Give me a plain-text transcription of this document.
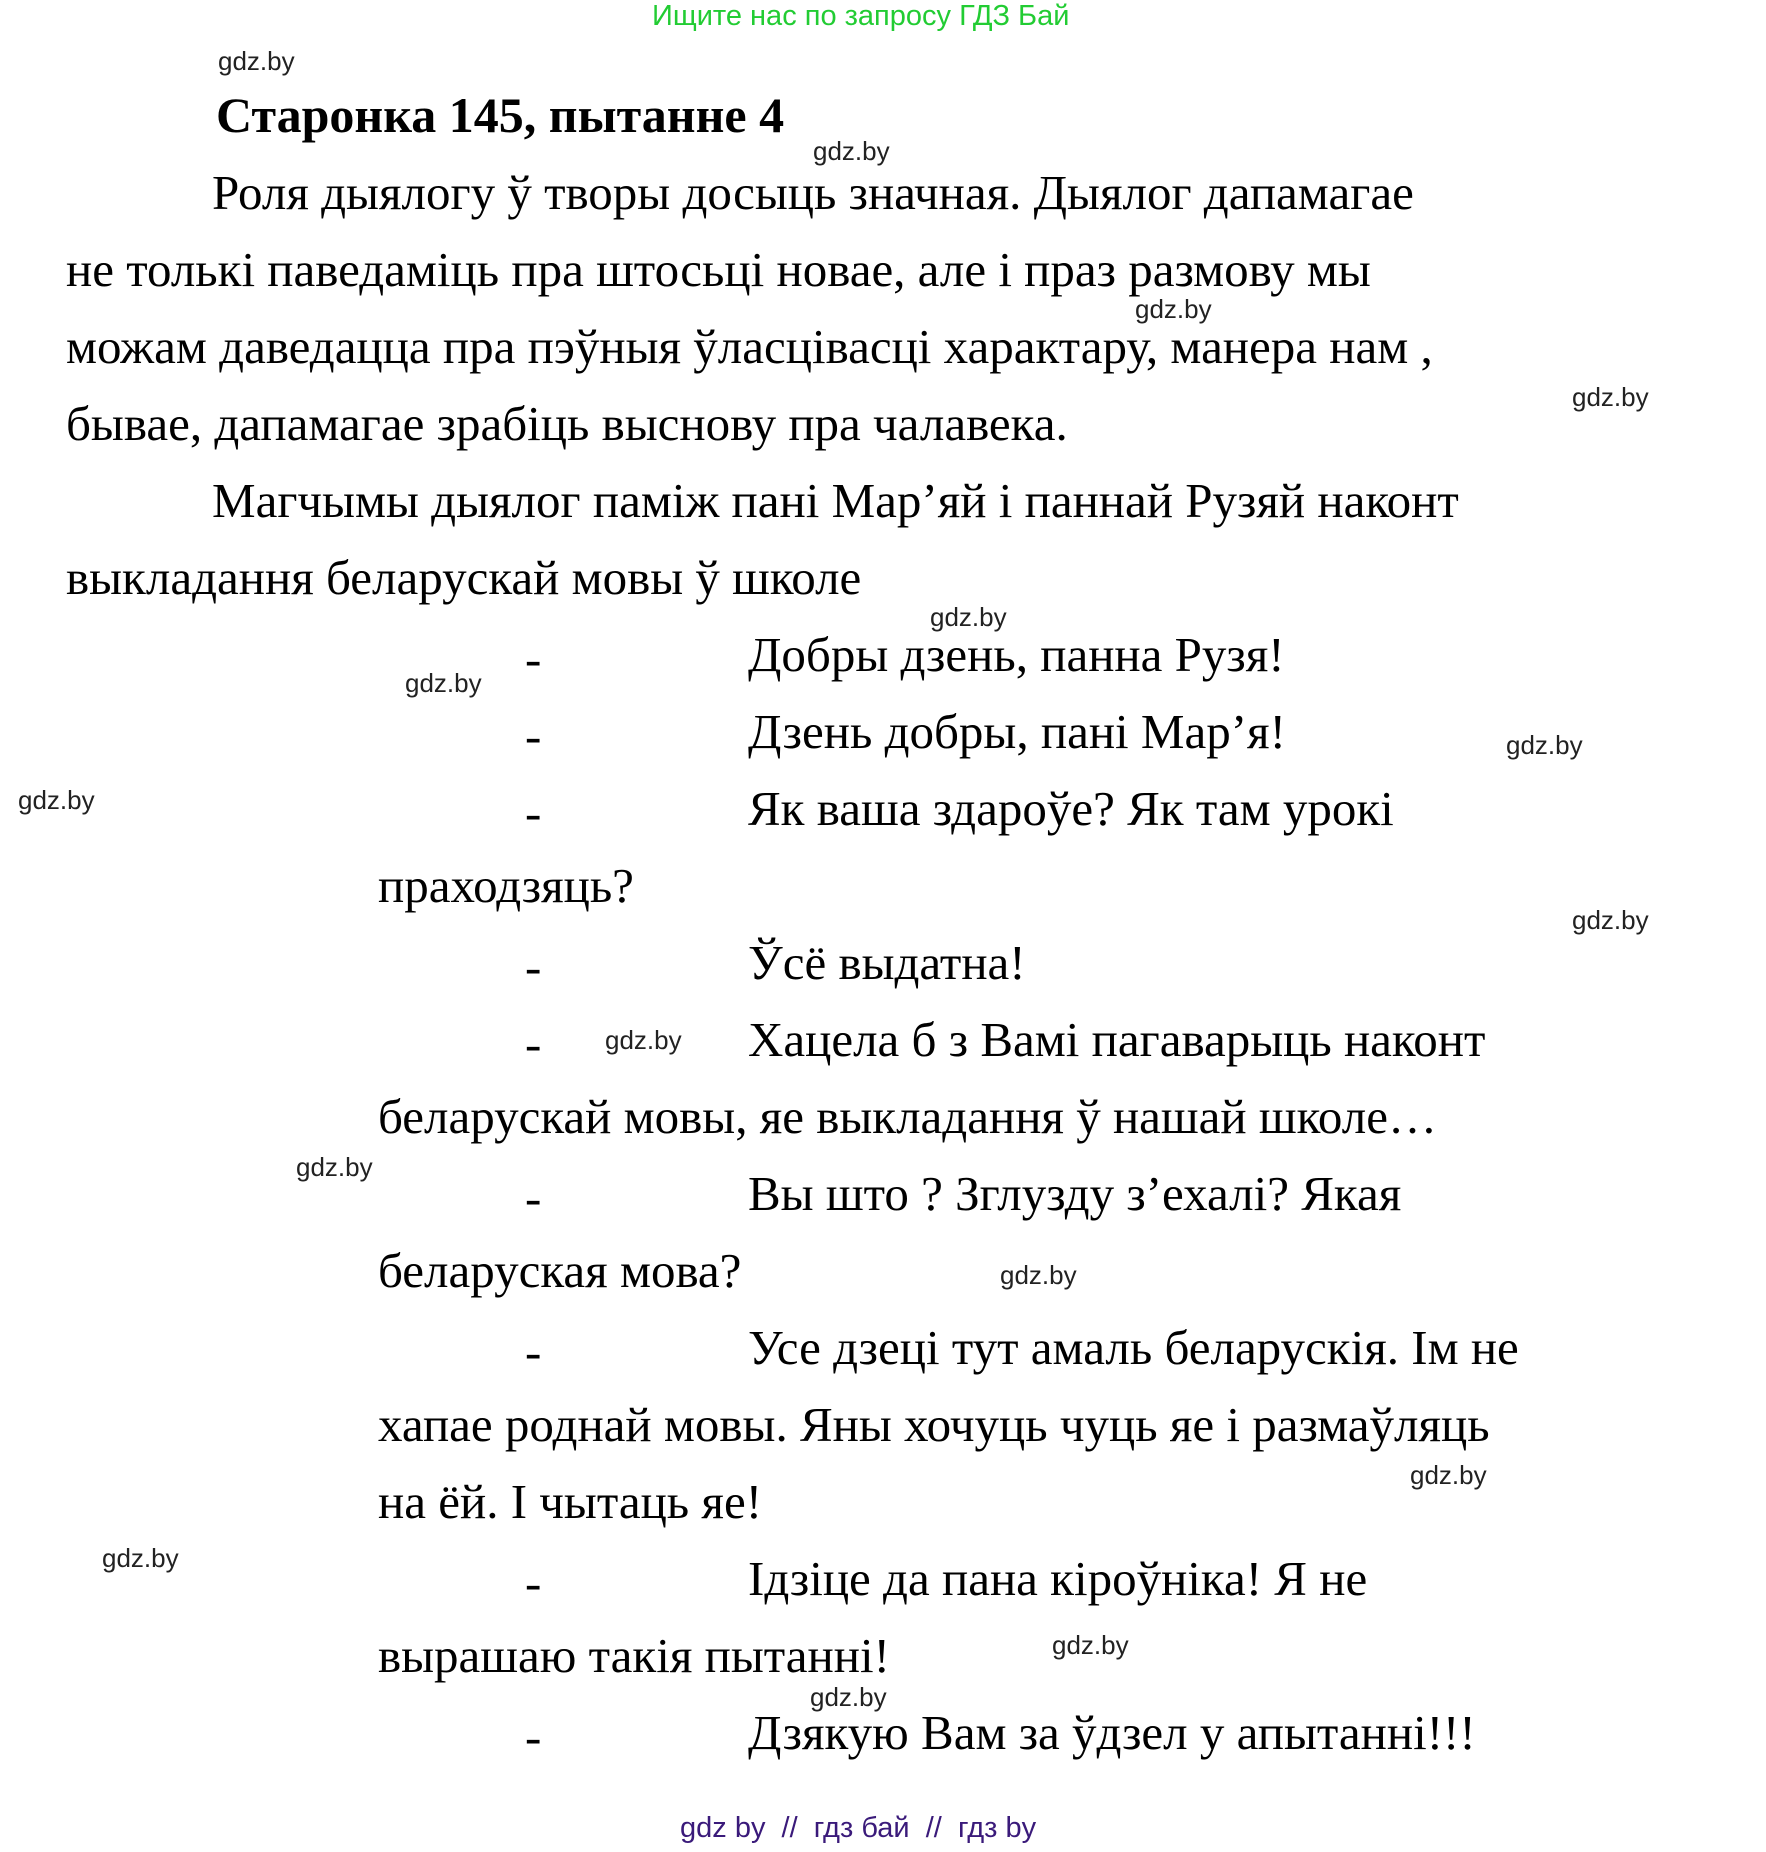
Ищите нас по запросу ГДЗ Бай
gdz.by
gdz.by
gdz.by
gdz.by
gdz.by
gdz.by
gdz.by
gdz.by
gdz.by
gdz.by
gdz.by
gdz.by
gdz.by
gdz.by
gdz.by
gdz.by
Старонка 145, пытанне 4
Роля дыялогу ў творы досыць значная. Дыялог дапамагае
не толькі паведаміць пра штосьці новае, але і праз размову мы
можам даведацца пра пэўныя ўласцівасці характару, манера нам ,
бывае, дапамагае зрабіць выснову пра чалавека.
Магчымы дыялог паміж пані Мар’яй і паннай Рузяй наконт
выкладання беларускай мовы ў школе
-	Добры дзень, панна Рузя!
-	Дзень добры, пані Мар’я!
-	Як ваша здароўе? Як там урокі
праходзяць?
-	Ўсё выдатна!
-	Хацела б з Вамі пагаварыць наконт
беларускай мовы, яе выкладання ў нашай школе…
-	Вы што ? Зглузду з’ехалі? Якая
беларуская мова?
-	Усе дзеці тут амаль беларускія. Ім не
хапае роднай мовы. Яны хочуць чуць яе і размаўляць
на ёй. І чытаць яе!
-	Ідзіце да пана кіроўніка! Я не
вырашаю такія пытанні!
-	Дзякую Вам за ўдзел у апытанні!!!
gdz by  //  гдз бай  //  гдз by
